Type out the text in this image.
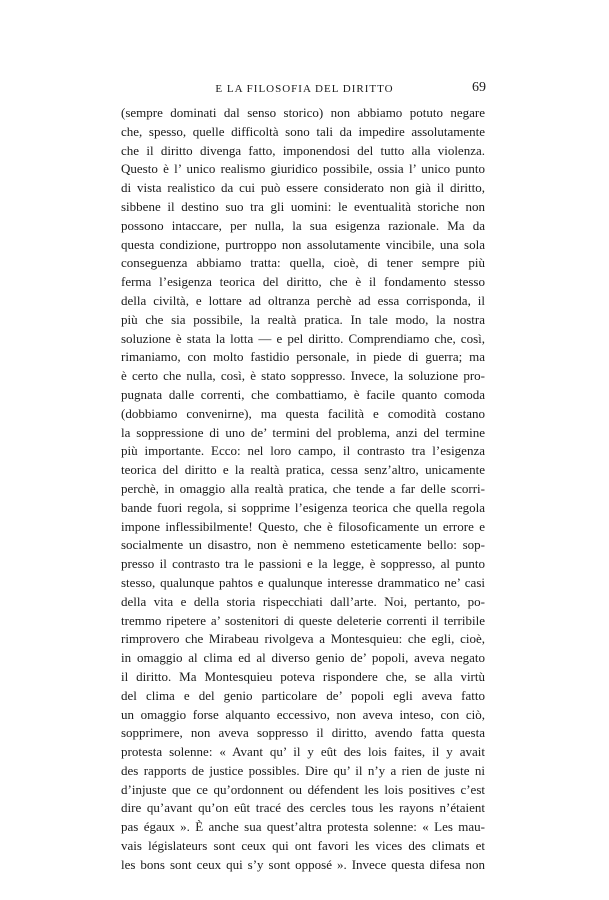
E LA FILOSOFIA DEL DIRITTO	69
(sempre dominati dal senso storico) non abbiamo potuto negare
che, spesso, quelle difficoltà sono tali da impedire assolutamente
che il diritto divenga fatto, imponendosi del tutto alla violenza.
Questo è l’ unico realismo giuridico possibile, ossia l’ unico punto
di vista realistico da cui può essere considerato non già il diritto,
sibbene il destino suo tra gli uomini: le eventualità storiche non
possono intaccare, per nulla, la sua esigenza razionale. Ma da
questa condizione, purtroppo non assolutamente vincibile, una sola
conseguenza abbiamo tratta: quella, cioè, di tener sempre più
ferma l’esigenza teorica del diritto, che è il fondamento stesso
della civiltà, e lottare ad oltranza perchè ad essa corrisponda, il
più che sia possibile, la realtà pratica. In tale modo, la nostra
soluzione è stata la lotta — e pel diritto. Comprendiamo che, così,
rimaniamo, con molto fastidio personale, in piede di guerra; ma
è certo che nulla, così, è stato soppresso. Invece, la soluzione pro-
pugnata dalle correnti, che combattiamo, è facile quanto comoda
(dobbiamo convenirne), ma questa facilità e comodità costano
la soppressione di uno de’ termini del problema, anzi del termine
più importante. Ecco: nel loro campo, il contrasto tra l’esigenza
teorica del diritto e la realtà pratica, cessa senz’altro, unicamente
perchè, in omaggio alla realtà pratica, che tende a far delle scorri-
bande fuori regola, si sopprime l’esigenza teorica che quella regola
impone inflessibilmente! Questo, che è filosoficamente un errore e
socialmente un disastro, non è nemmeno esteticamente bello: sop-
presso il contrasto tra le passioni e la legge, è soppresso, al punto
stesso, qualunque pahtos e qualunque interesse drammatico ne’ casi
della vita e della storia rispecchiati dall’arte. Noi, pertanto, po-
tremmo ripetere a’ sostenitori di queste deleterie correnti il terribile
rimprovero che Mirabeau rivolgeva a Montesquieu: che egli, cioè,
in omaggio al clima ed al diverso genio de’ popoli, aveva negato
il diritto. Ma Montesquieu poteva rispondere che, se alla virtù
del clima e del genio particolare de’ popoli egli aveva fatto
un omaggio forse alquanto eccessivo, non aveva inteso, con ciò,
sopprimere, non aveva soppresso il diritto, avendo fatta questa
protesta solenne: « Avant qu’ il y eût des lois faites, il y avait
des rapports de justice possibles. Dire qu’ il n’y a rien de juste ni
d’injuste que ce qu’ordonnent ou défendent les lois positives c’est
dire qu’avant qu’on eût tracé des cercles tous les rayons n’étaient
pas égaux ». È anche sua quest’altra protesta solenne: « Les mau-
vais législateurs sont ceux qui ont favori les vices des climats et
les bons sont ceux qui s’y sont opposé ». Invece questa difesa non
